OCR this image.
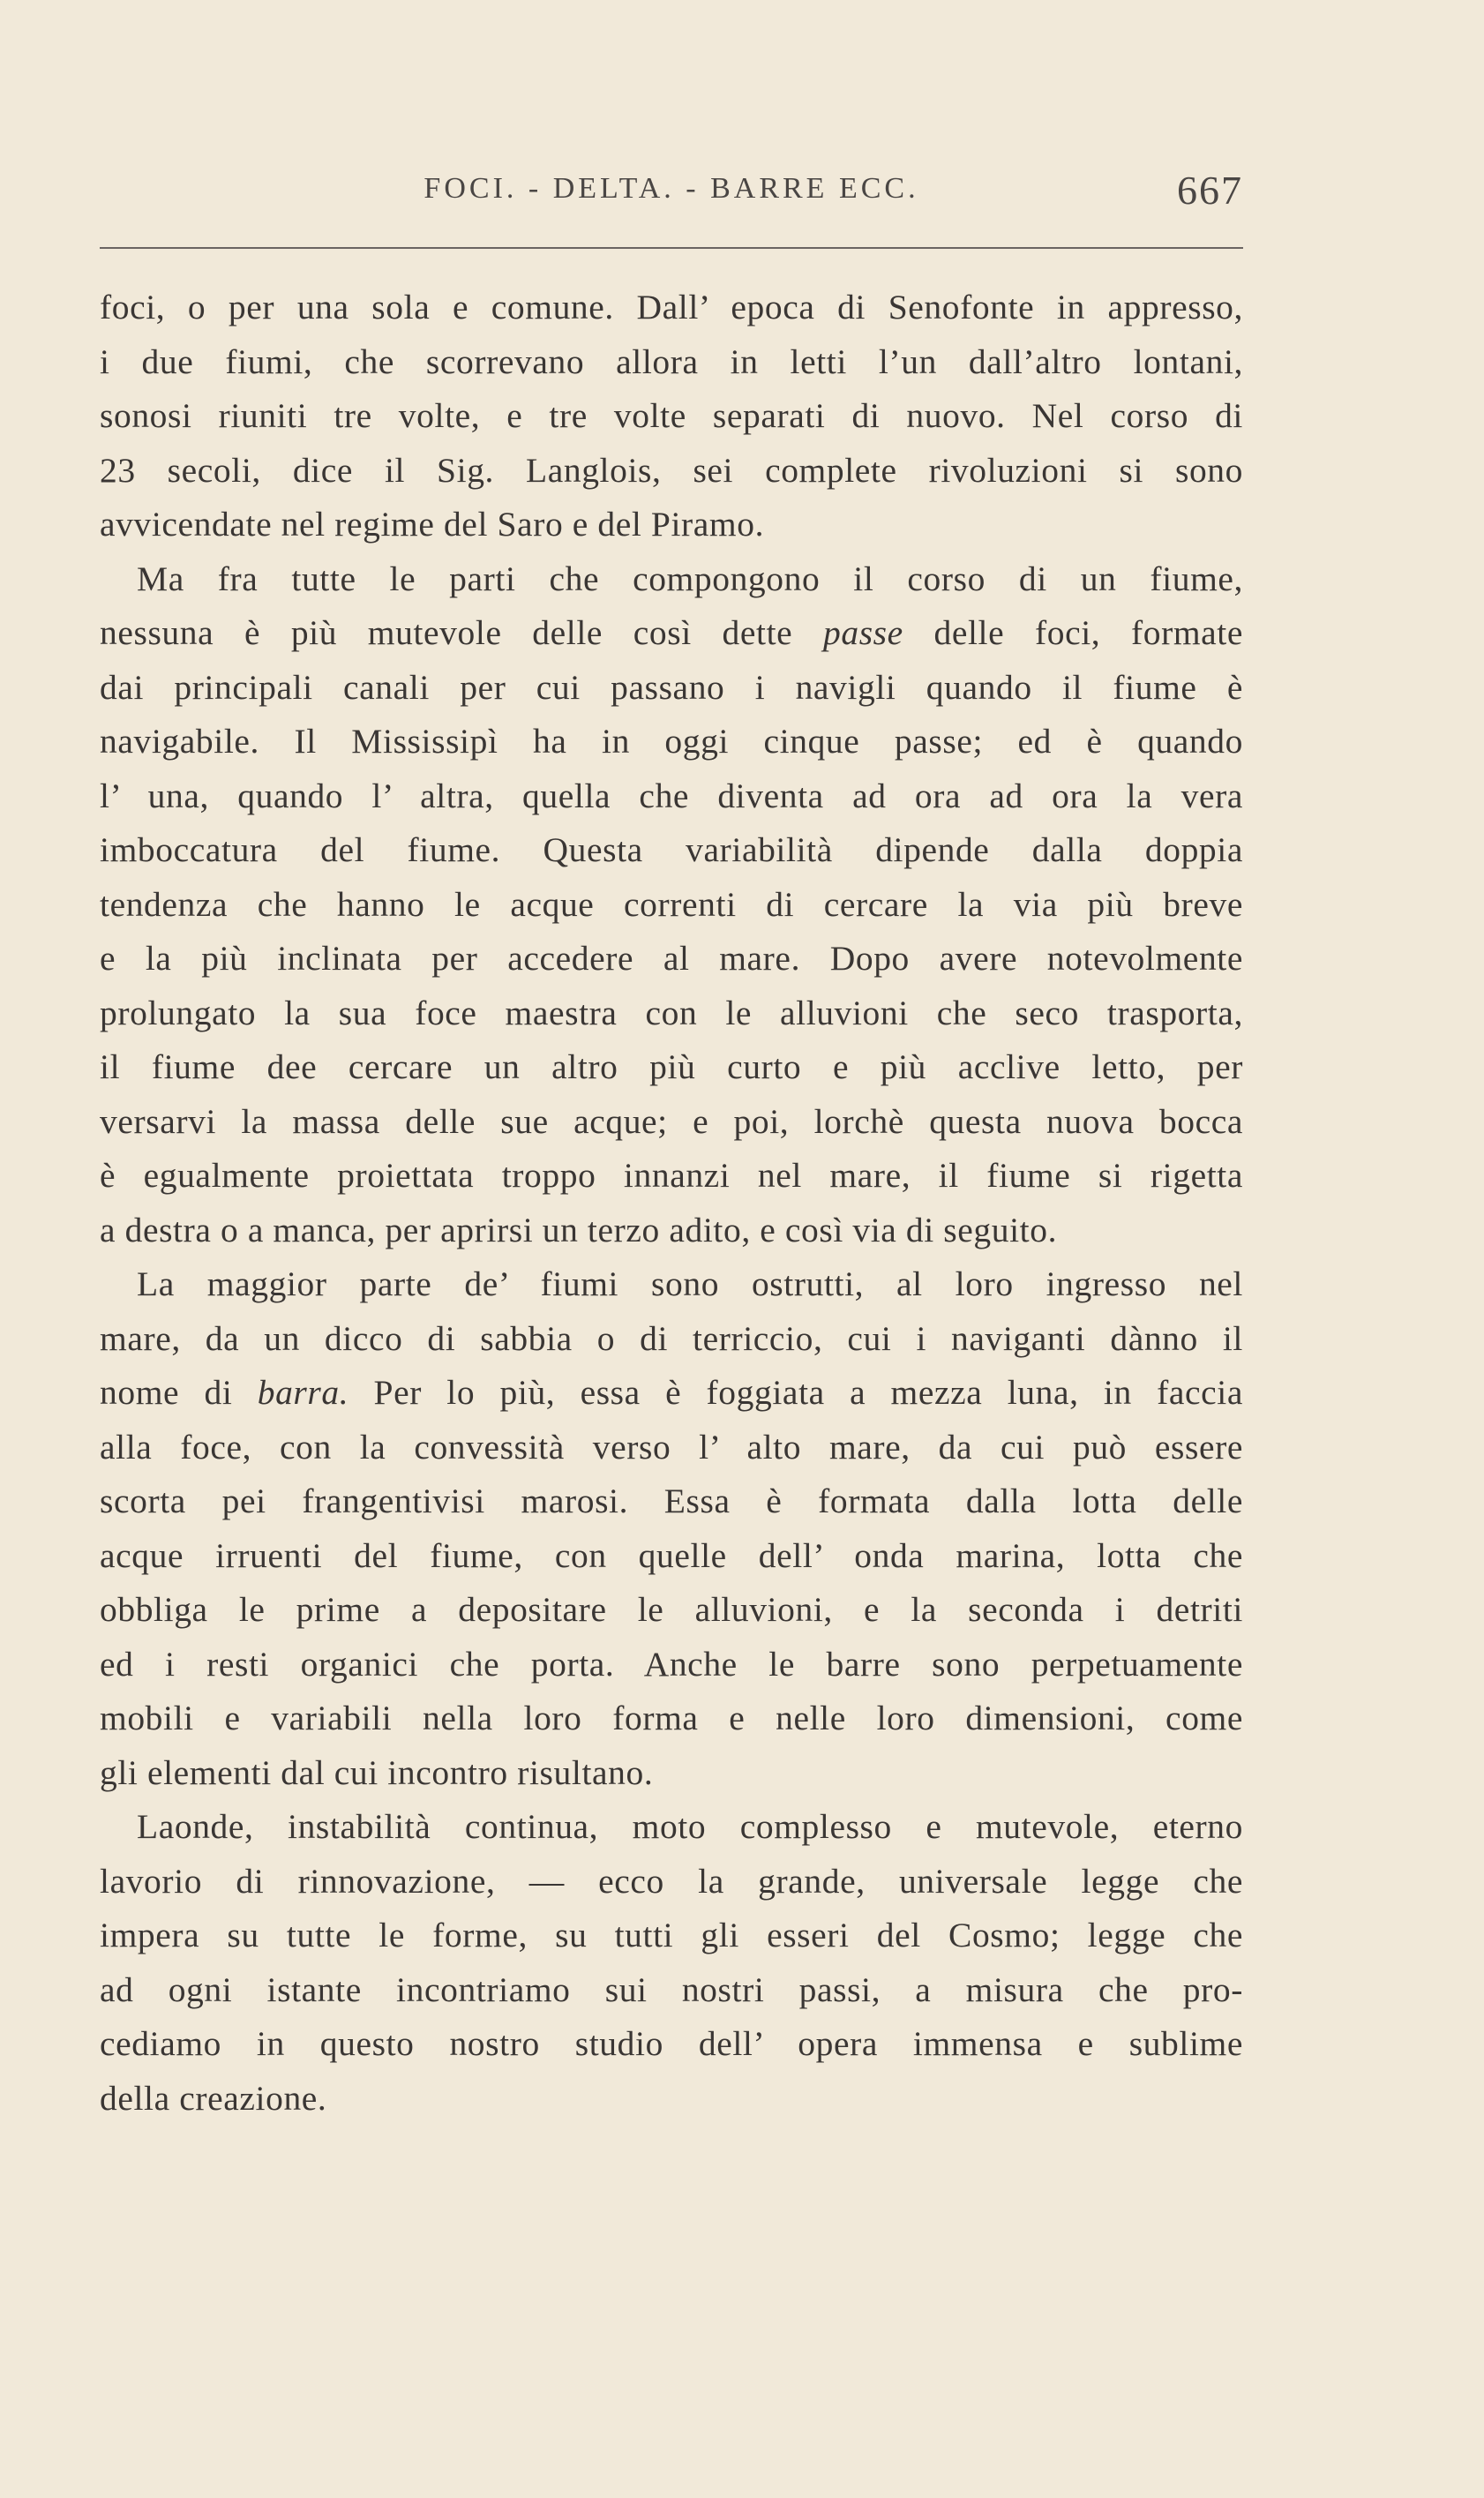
FOCI. - DELTA. - BARRE ECC.	667
foci, o per una sola e comune. Dall’ epoca di Senofonte in appresso,
i due fiumi, che scorrevano allora in letti l’un dall’altro lontani,
sonosi riuniti tre volte, e tre volte separati di nuovo. Nel corso di
23 secoli, dice il Sig. Langlois, sei complete rivoluzioni si sono
avvicendate nel regime del Saro e del Piramo.
Ma fra tutte le parti che compongono il corso di un fiume,
nessuna è più mutevole delle così dette passe delle foci, formate
dai principali canali per cui passano i navigli quando il fiume è
navigabile. Il Mississipì ha in oggi cinque passe; ed è quando
l’ una, quando l’ altra, quella che diventa ad ora ad ora la vera
imboccatura del fiume. Questa variabilità dipende dalla doppia
tendenza che hanno le acque correnti di cercare la via più breve
e la più inclinata per accedere al mare. Dopo avere notevolmente
prolungato la sua foce maestra con le alluvioni che seco trasporta,
il fiume dee cercare un altro più curto e più acclive letto, per
versarvi la massa delle sue acque; e poi, lorchè questa nuova bocca
è egualmente proiettata troppo innanzi nel mare, il fiume si rigetta
a destra o a manca, per aprirsi un terzo adito, e così via di seguito.
La maggior parte de’ fiumi sono ostrutti, al loro ingresso nel
mare, da un dicco di sabbia o di terriccio, cui i naviganti dànno il
nome di barra. Per lo più, essa è foggiata a mezza luna, in faccia
alla foce, con la convessità verso l’ alto mare, da cui può essere
scorta pei frangentivisi marosi. Essa è formata dalla lotta delle
acque irruenti del fiume, con quelle dell’ onda marina, lotta che
obbliga le prime a depositare le alluvioni, e la seconda i detriti
ed i resti organici che porta. Anche le barre sono perpetuamente
mobili e variabili nella loro forma e nelle loro dimensioni, come
gli elementi dal cui incontro risultano.
Laonde, instabilità continua, moto complesso e mutevole, eterno
lavorio di rinnovazione, — ecco la grande, universale legge che
impera su tutte le forme, su tutti gli esseri del Cosmo; legge che
ad ogni istante incontriamo sui nostri passi, a misura che pro-
cediamo in questo nostro studio dell’ opera immensa e sublime
della creazione.
